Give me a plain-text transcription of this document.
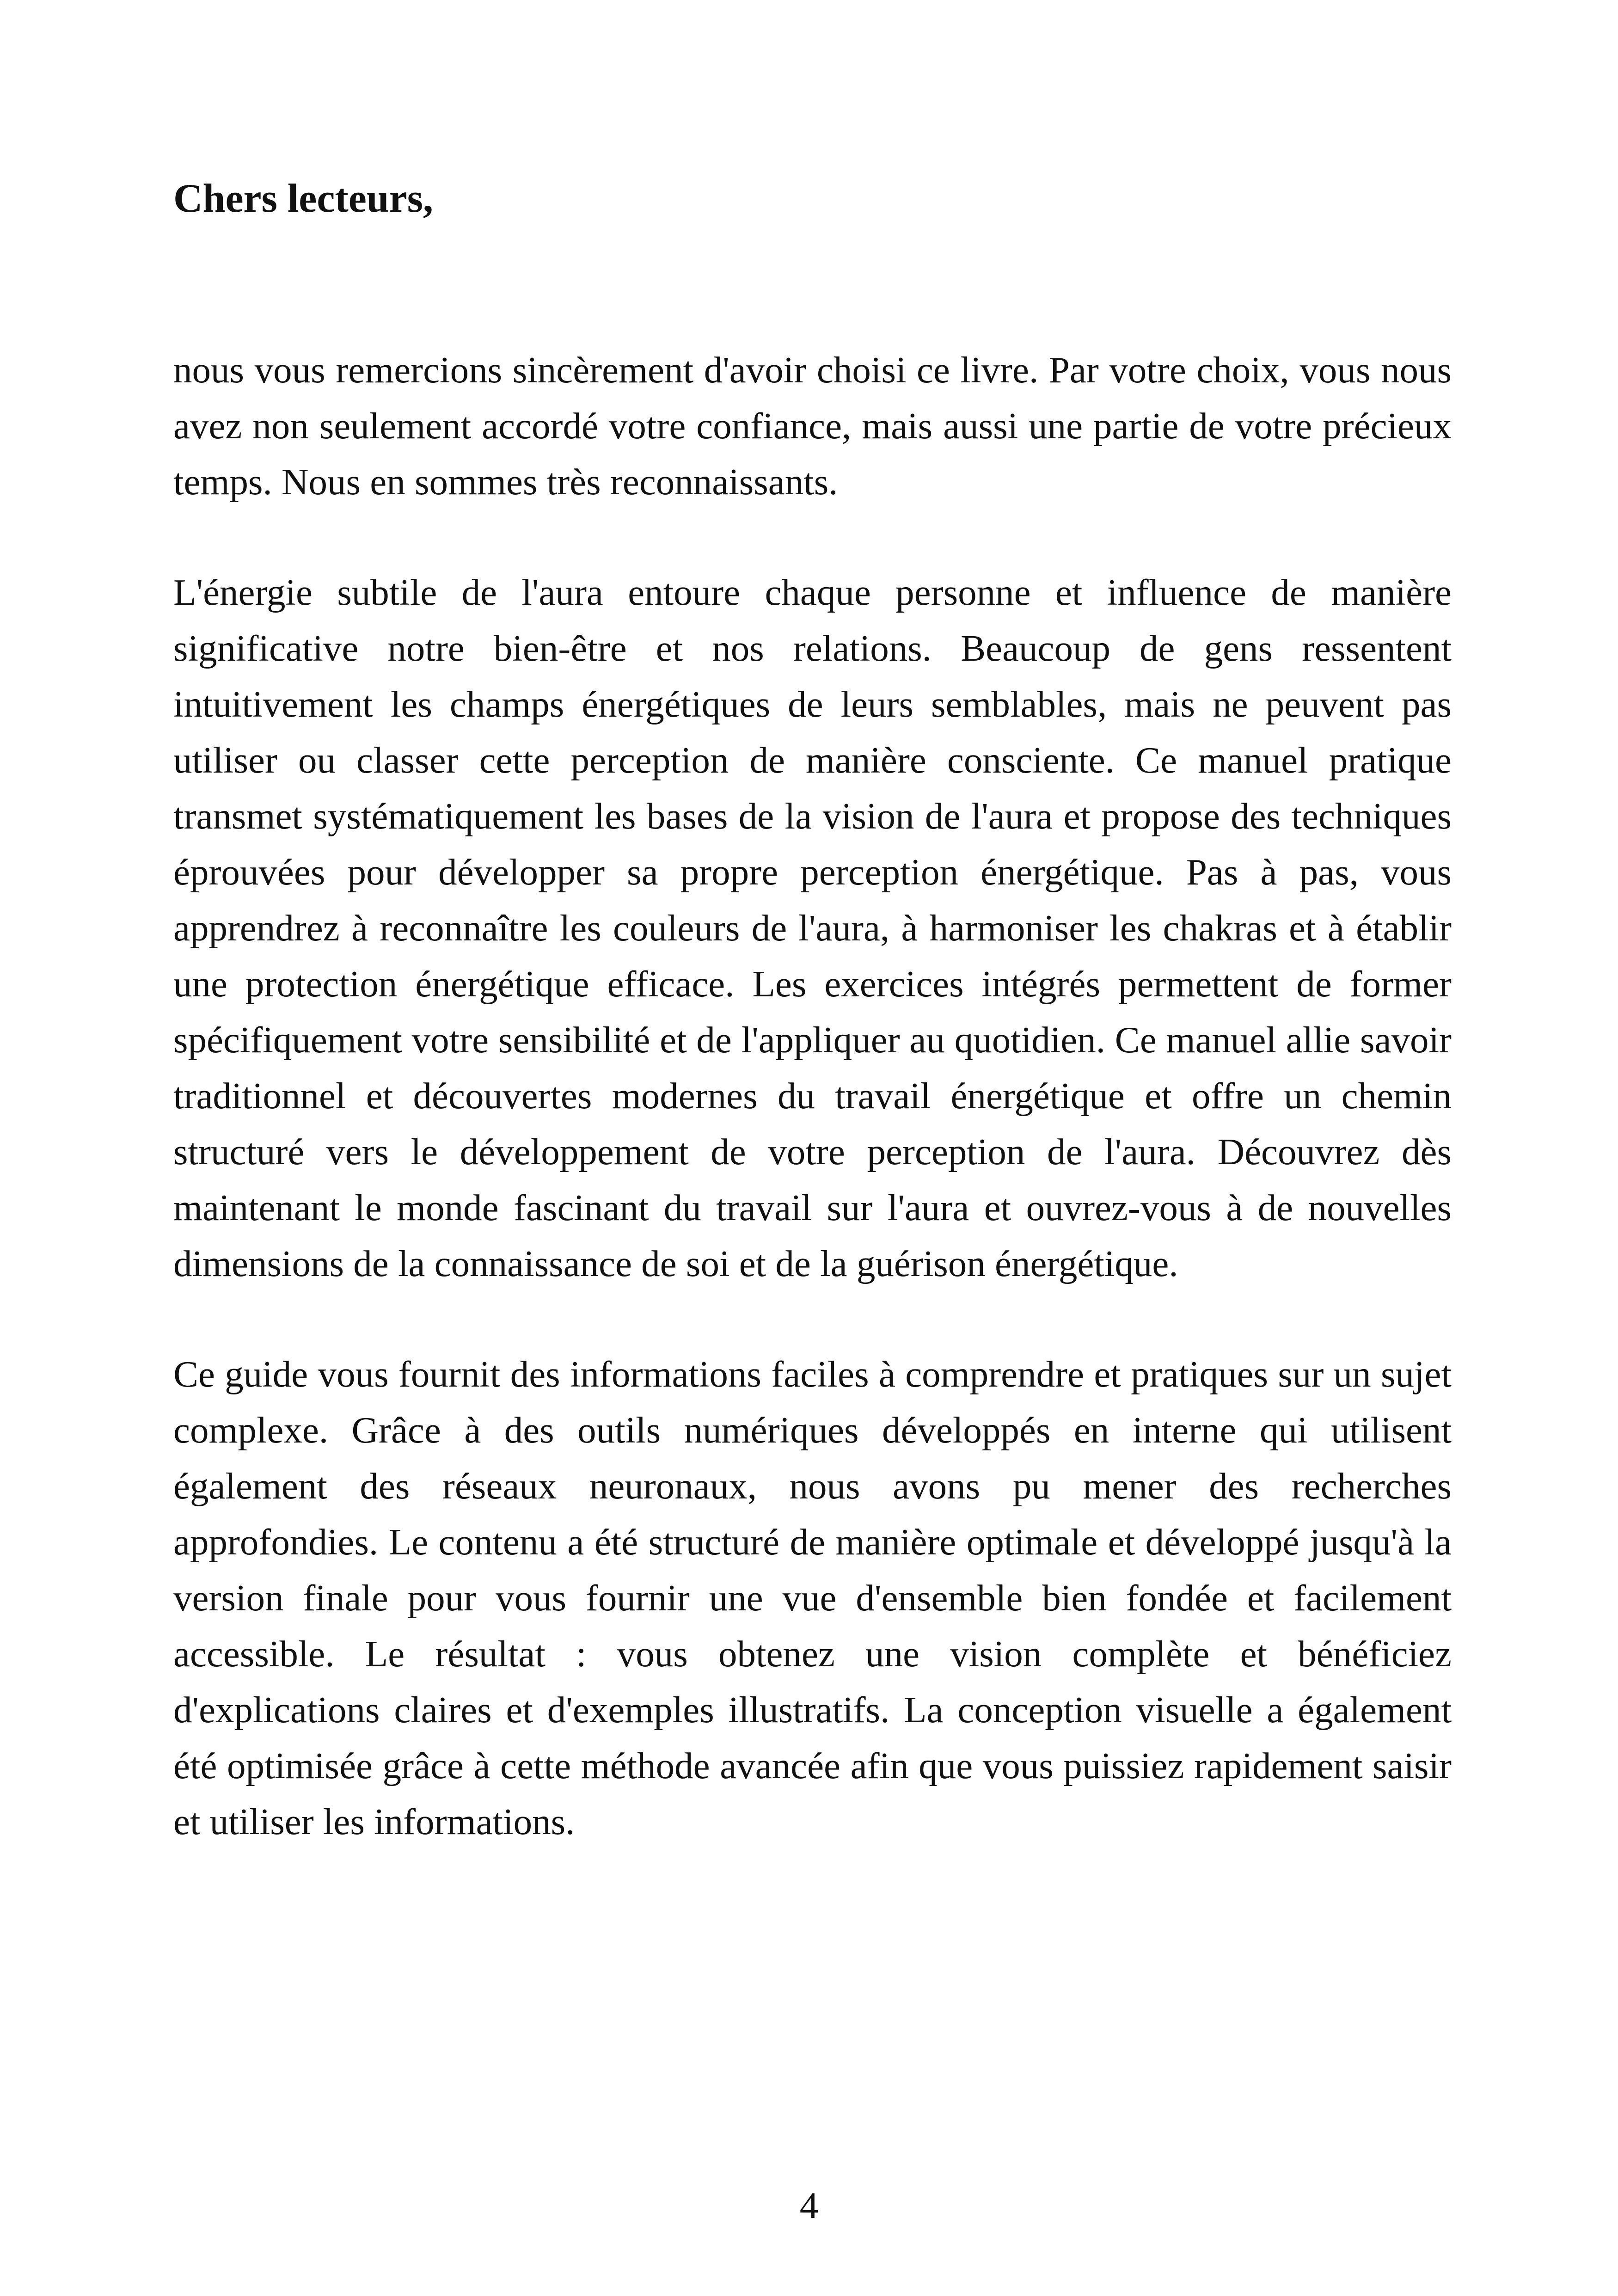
Chers lecteurs,

nous vous remercions sincèrement d'avoir choisi ce livre. Par votre choix, vous nous avez non seulement accordé votre confiance, mais aussi une partie de votre précieux temps. Nous en sommes très reconnaissants.

L'énergie subtile de l'aura entoure chaque personne et influence de manière significative notre bien-être et nos relations. Beaucoup de gens ressentent intuitivement les champs énergétiques de leurs semblables, mais ne peuvent pas utiliser ou classer cette perception de manière consciente. Ce manuel pratique transmet systématiquement les bases de la vision de l'aura et propose des techniques éprouvées pour développer sa propre perception énergétique. Pas à pas, vous apprendrez à reconnaître les couleurs de l'aura, à harmoniser les chakras et à établir une protection énergétique efficace. Les exercices intégrés permettent de former spécifiquement votre sensibilité et de l'appliquer au quotidien. Ce manuel allie savoir traditionnel et découvertes modernes du travail énergétique et offre un chemin structuré vers le développement de votre perception de l'aura. Découvrez dès maintenant le monde fascinant du travail sur l'aura et ouvrez-vous à de nouvelles dimensions de la connaissance de soi et de la guérison énergétique.

Ce guide vous fournit des informations faciles à comprendre et pratiques sur un sujet complexe. Grâce à des outils numériques développés en interne qui utilisent également des réseaux neuronaux, nous avons pu mener des recherches approfondies. Le contenu a été structuré de manière optimale et développé jusqu'à la version finale pour vous fournir une vue d'ensemble bien fondée et facilement accessible. Le résultat : vous obtenez une vision complète et bénéficiez d'explications claires et d'exemples illustratifs. La conception visuelle a également été optimisée grâce à cette méthode avancée afin que vous puissiez rapidement saisir et utiliser les informations.

4
